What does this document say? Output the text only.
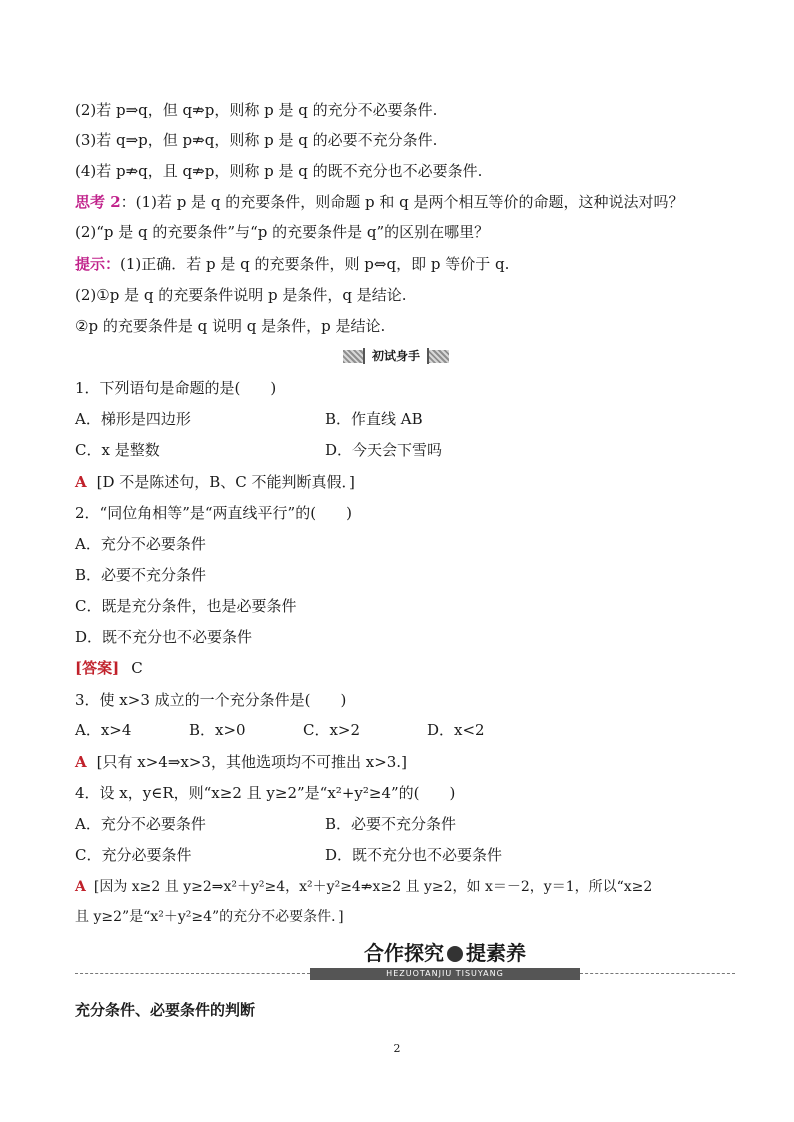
(2)若 p⇒q，但 q⇏p，则称 p 是 q 的充分不必要条件.
(3)若 q⇒p，但 p⇏q，则称 p 是 q 的必要不充分条件.
(4)若 p⇏q，且 q⇏p，则称 p 是 q 的既不充分也不必要条件.
思考 2：(1)若 p 是 q 的充要条件，则命题 p 和 q 是两个相互等价的命题，这种说法对吗？
(2)“p 是 q 的充要条件”与“p 的充要条件是 q”的区别在哪里？
提示：(1)正确．若 p 是 q 的充要条件，则 p⇔q，即 p 等价于 q.
(2)①p 是 q 的充要条件说明 p 是条件，q 是结论.
②p 的充要条件是 q 说明 q 是条件，p 是结论.
初试身手
1．下列语句是命题的是(　　)
A．梯形是四边形	B．作直线 AB
C．x 是整数	D．今天会下雪吗
A [D 不是陈述句，B、C 不能判断真假．]
2．“同位角相等”是“两直线平行”的(　　)
A．充分不必要条件
B．必要不充分条件
C．既是充分条件，也是必要条件
D．既不充分也不必要条件
[答案] C
3．使 x>3 成立的一个充分条件是(　　)
A．x>4	B．x>0	C．x>2	D．x<2
A [只有 x>4⇒x>3，其他选项均不可推出 x>3.]
4．设 x，y∈R，则“x≥2 且 y≥2”是“x²+y²≥4”的(　　)
A．充分不必要条件	B．必要不充分条件
C．充分必要条件	D．既不充分也不必要条件
A [因为 x≥2 且 y≥2⇒x²＋y²≥4，x²＋y²≥4⇏x≥2 且 y≥2，如 x＝－2，y＝1，所以“x≥2
且 y≥2”是“x²＋y²≥4”的充分不必要条件．]
合作探究 提素养
HEZUOTANJIU TISUYANG
充分条件、必要条件的判断
2
